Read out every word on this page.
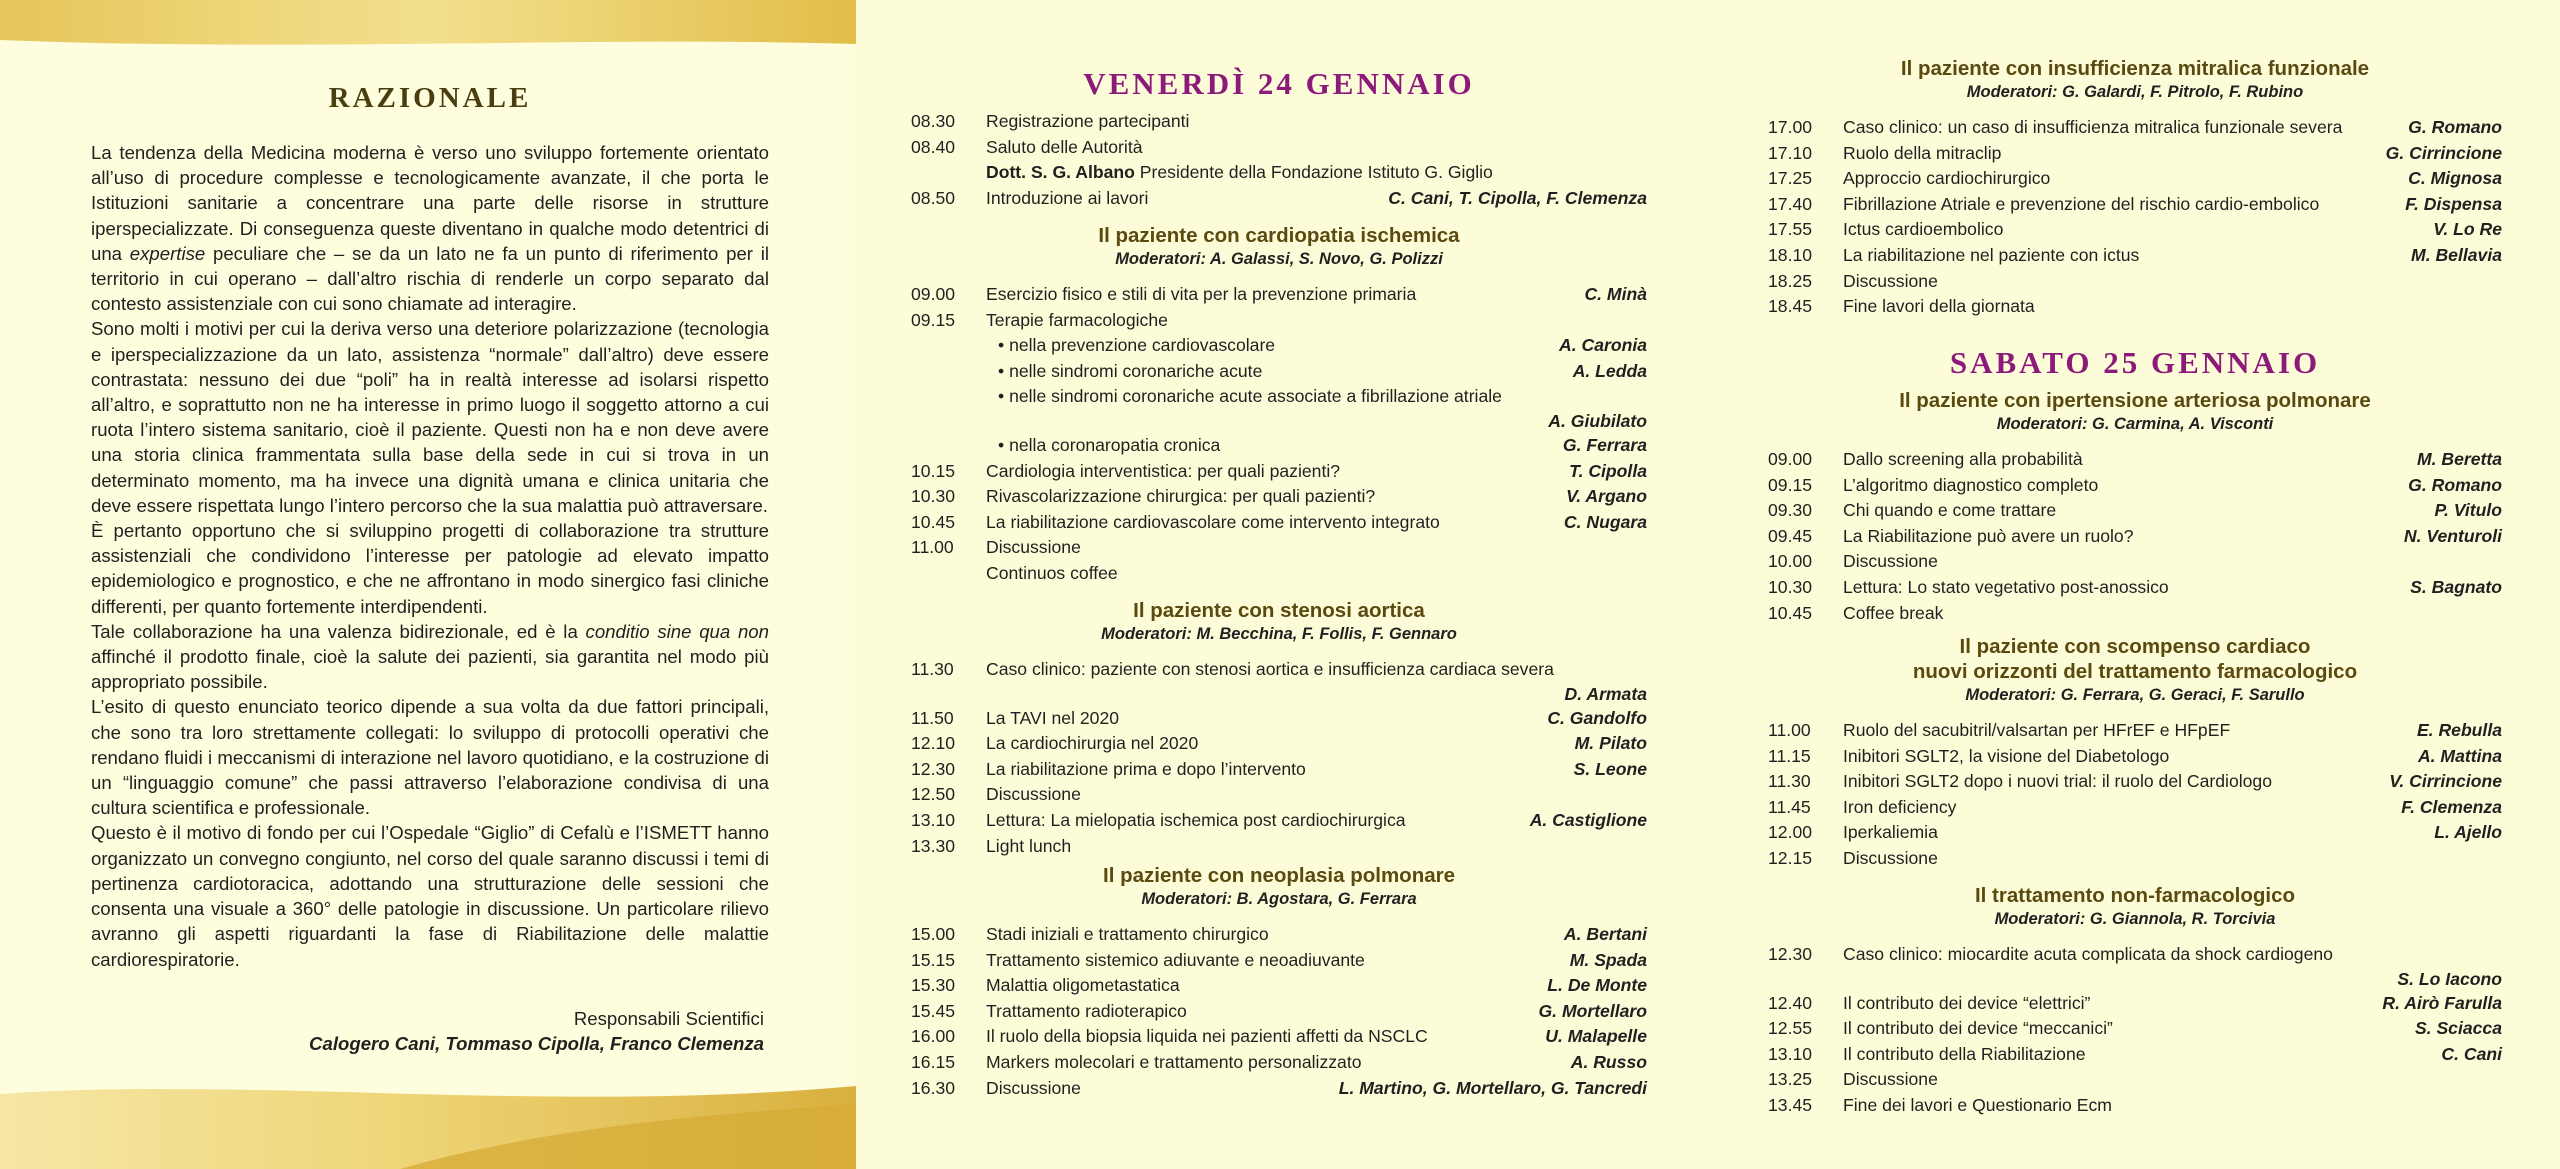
RAZIONALE

La tendenza della Medicina moderna è verso uno sviluppo fortemente orientato all’uso di procedure complesse e tecnologicamente avanzate, il che porta le Istituzioni sanitarie a concentrare una parte delle risorse in strutture iperspecializzate. Di conseguenza queste diventano in qualche modo detentrici di una expertise peculiare che – se da un lato ne fa un punto di riferimento per il territorio in cui operano – dall’altro rischia di renderle un corpo separato dal contesto assistenziale con cui sono chiamate ad interagire.

Sono molti i motivi per cui la deriva verso una deteriore polarizzazione (tecnologia e iperspecializzazione da un lato, assistenza “normale” dall’altro) deve essere contrastata: nessuno dei due “poli” ha in realtà interesse ad isolarsi rispetto all’altro, e soprattutto non ne ha interesse in primo luogo il soggetto attorno a cui ruota l’intero sistema sanitario, cioè il paziente. Questi non ha e non deve avere una storia clinica frammentata sulla base della sede in cui si trova in un determinato momento, ma ha invece una dignità umana e clinica unitaria che deve essere rispettata lungo l’intero percorso che la sua malattia può attraversare.

È pertanto opportuno che si sviluppino progetti di collaborazione tra strutture assistenziali che condividono l’interesse per patologie ad elevato impatto epidemiologico e prognostico, e che ne affrontano in modo sinergico fasi cliniche differenti, per quanto fortemente interdipendenti.

Tale collaborazione ha una valenza bidirezionale, ed è la conditio sine qua non affinché il prodotto finale, cioè la salute dei pazienti, sia garantita nel modo più appropriato possibile.

L’esito di questo enunciato teorico dipende a sua volta da due fattori principali, che sono tra loro strettamente collegati: lo sviluppo di protocolli operativi che rendano fluidi i meccanismi di interazione nel lavoro quotidiano, e la costruzione di un “linguaggio comune” che passi attraverso l’elaborazione condivisa di una cultura scientifica e professionale.

Questo è il motivo di fondo per cui l’Ospedale “Giglio” di Cefalù e l’ISMETT hanno organizzato un convegno congiunto, nel corso del quale saranno discussi i temi di pertinenza cardiotoracica, adottando una strutturazione delle sessioni che consenta una visuale a 360° delle patologie in discussione. Un particolare rilievo avranno gli aspetti riguardanti la fase di Riabilitazione delle malattie cardiorespiratorie.

Responsabili Scientifici
Calogero Cani, Tommaso Cipolla, Franco Clemenza
VENERDÌ 24 GENNAIO
08.30	Registrazione partecipanti
08.40	Saluto delle Autorità
Dott. S. G. Albano Presidente della Fondazione Istituto G. Giglio
08.50	Introduzione ai lavori	C. Cani, T. Cipolla, F. Clemenza
Il paziente con cardiopatia ischemica
Moderatori: A. Galassi, S. Novo, G. Polizzi
09.00	Esercizio fisico e stili di vita per la prevenzione primaria	C. Minà
09.15	Terapie farmacologiche
• nella prevenzione cardiovascolare	A. Caronia
• nelle sindromi coronariche acute	A. Ledda
• nelle sindromi coronariche acute associate a fibrillazione atriale
A. Giubilato
• nella coronaropatia cronica	G. Ferrara
10.15	Cardiologia interventistica: per quali pazienti?	T. Cipolla
10.30	Rivascolarizzazione chirurgica: per quali pazienti?	V. Argano
10.45	La riabilitazione cardiovascolare come intervento integrato	C. Nugara
11.00	Discussione
Continuos coffee
Il paziente con stenosi aortica
Moderatori: M. Becchina, F. Follis, F. Gennaro
11.30	Caso clinico: paziente con stenosi aortica e insufficienza cardiaca severa
D. Armata
11.50	La TAVI nel 2020	C. Gandolfo
12.10	La cardiochirurgia nel 2020	M. Pilato
12.30	La riabilitazione prima e dopo l’intervento	S. Leone
12.50	Discussione
13.10	Lettura: La mielopatia ischemica post cardiochirurgica	A. Castiglione
13.30	Light lunch
Il paziente con neoplasia polmonare
Moderatori: B. Agostara, G. Ferrara
15.00	Stadi iniziali e trattamento chirurgico	A. Bertani
15.15	Trattamento sistemico adiuvante e neoadiuvante	M. Spada
15.30	Malattia oligometastatica	L. De Monte
15.45	Trattamento radioterapico	G. Mortellaro
16.00	Il ruolo della biopsia liquida nei pazienti affetti da NSCLC	U. Malapelle
16.15	Markers molecolari e trattamento personalizzato	A. Russo
16.30	Discussione	L. Martino, G. Mortellaro, G. Tancredi
Il paziente con insufficienza mitralica funzionale
Moderatori: G. Galardi, F. Pitrolo, F. Rubino
17.00	Caso clinico: un caso di insufficienza mitralica funzionale severa	G. Romano
17.10	Ruolo della mitraclip	G. Cirrincione
17.25	Approccio cardiochirurgico	C. Mignosa
17.40	Fibrillazione Atriale e prevenzione del rischio cardio-embolico	F. Dispensa
17.55	Ictus cardioembolico	V. Lo Re
18.10	La riabilitazione nel paziente con ictus	M. Bellavia
18.25	Discussione
18.45	Fine lavori della giornata
SABATO 25 GENNAIO
Il paziente con ipertensione arteriosa polmonare
Moderatori: G. Carmina, A. Visconti
09.00	Dallo screening alla probabilità	M. Beretta
09.15	L’algoritmo diagnostico completo	G. Romano
09.30	Chi quando e come trattare	P. Vitulo
09.45	La Riabilitazione può avere un ruolo?	N. Venturoli
10.00	Discussione
10.30	Lettura: Lo stato vegetativo post-anossico	S. Bagnato
10.45	Coffee break
Il paziente con scompenso cardiaco
nuovi orizzonti del trattamento farmacologico
Moderatori: G. Ferrara, G. Geraci, F. Sarullo
11.00	Ruolo del sacubitril/valsartan per HFrEF e HFpEF	E. Rebulla
11.15	Inibitori SGLT2, la visione del Diabetologo	A. Mattina
11.30	Inibitori SGLT2 dopo i nuovi trial: il ruolo del Cardiologo	V. Cirrincione
11.45	Iron deficiency	F. Clemenza
12.00	Iperkaliemia	L. Ajello
12.15	Discussione
Il trattamento non-farmacologico
Moderatori: G. Giannola, R. Torcivia
12.30	Caso clinico: miocardite acuta complicata da shock cardiogeno
S. Lo Iacono
12.40	Il contributo dei device “elettrici”	R. Airò Farulla
12.55	Il contributo dei device “meccanici”	S. Sciacca
13.10	Il contributo della Riabilitazione	C. Cani
13.25	Discussione
13.45	Fine dei lavori e Questionario Ecm
